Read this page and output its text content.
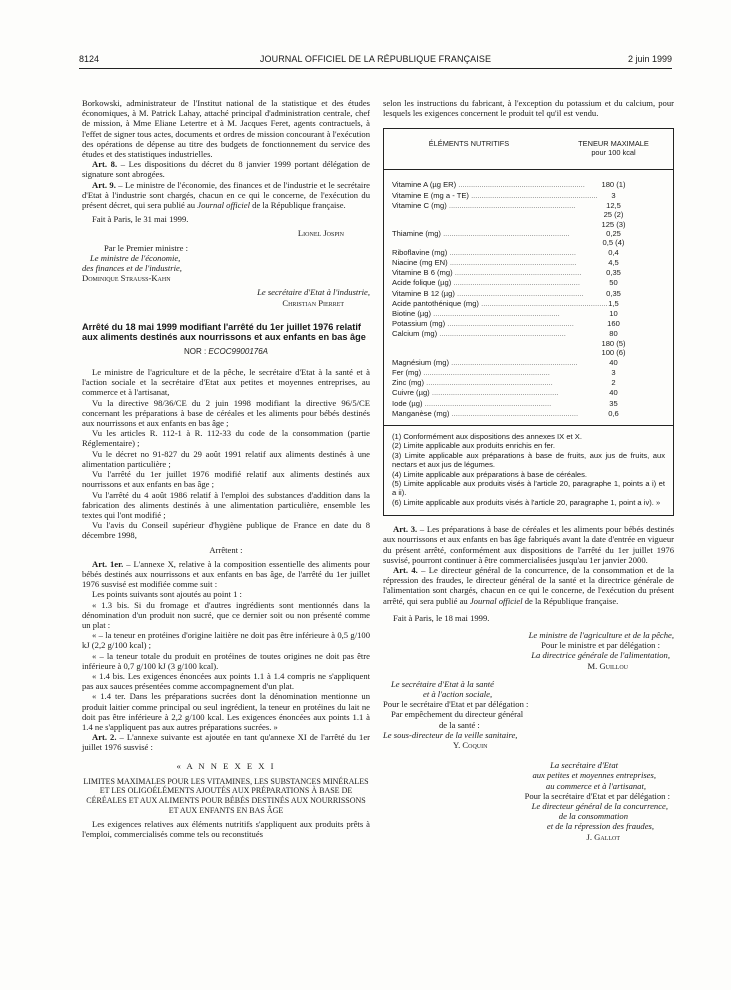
8124	JOURNAL OFFICIEL DE LA RÉPUBLIQUE FRANÇAISE	2 juin 1999

Borkowski, administrateur de l'Institut national de la statistique et des études économiques, à M. Patrick Lahay, attaché principal d'administration centrale, chef de mission, à Mme Eliane Letertre et à M. Jacques Feret, agents contractuels, à l'effet de signer tous actes, documents et ordres de mission concourant à l'exécution des opérations de dépense au titre des budgets de fonctionnement du service des études et des statistiques industrielles.

Art. 8. – Les dispositions du décret du 8 janvier 1999 portant délégation de signature sont abrogées.

Art. 9. – Le ministre de l'économie, des finances et de l'industrie et le secrétaire d'Etat à l'industrie sont chargés, chacun en ce qui le concerne, de l'exécution du présent décret, qui sera publié au Journal officiel de la République française.

Fait à Paris, le 31 mai 1999.

Lionel Jospin

Par le Premier ministre :

Le ministre de l'économie,

des finances et de l'industrie,

Dominique Strauss-Kahn

Le secrétaire d'Etat à l'industrie,

Christian Pierret

Arrêté du 18 mai 1999 modifiant l'arrêté du 1er juillet 1976 relatif aux aliments destinés aux nourrissons et aux enfants en bas âge

NOR : ECOC9900176A

Le ministre de l'agriculture et de la pêche, le secrétaire d'Etat à la santé et à l'action sociale et la secrétaire d'Etat aux petites et moyennes entreprises, au commerce et à l'artisanat,

Vu la directive 98/36/CE du 2 juin 1998 modifiant la directive 96/5/CE concernant les préparations à base de céréales et les aliments pour bébés destinés aux nourrissons et aux enfants en bas âge ;

Vu les articles R. 112-1 à R. 112-33 du code de la consommation (partie Réglementaire) ;

Vu le décret no 91-827 du 29 août 1991 relatif aux aliments destinés à une alimentation particulière ;

Vu l'arrêté du 1er juillet 1976 modifié relatif aux aliments destinés aux nourrissons et aux enfants en bas âge ;

Vu l'arrêté du 4 août 1986 relatif à l'emploi des substances d'addition dans la fabrication des aliments destinés à une alimentation particulière, ensemble les textes qui l'ont modifié ;

Vu l'avis du Conseil supérieur d'hygiène publique de France en date du 8 décembre 1998,

Arrêtent :

Art. 1er. – L'annexe X, relative à la composition essentielle des aliments pour bébés destinés aux nourrissons et aux enfants en bas âge, de l'arrêté du 1er juillet 1976 susvisé est modifiée comme suit :

Les points suivants sont ajoutés au point 1 :

« 1.3 bis. Si du fromage et d'autres ingrédients sont mentionnés dans la dénomination d'un produit non sucré, que ce dernier soit ou non présenté comme un plat :

« – la teneur en protéines d'origine laitière ne doit pas être inférieure à 0,5 g/100 kJ (2,2 g/100 kcal) ;

« – la teneur totale du produit en protéines de toutes origines ne doit pas être inférieure à 0,7 g/100 kJ (3 g/100 kcal).

« 1.4 bis. Les exigences énoncées aux points 1.1 à 1.4 compris ne s'appliquent pas aux sauces présentées comme accompagnement d'un plat.

« 1.4 ter. Dans les préparations sucrées dont la dénomination mentionne un produit laitier comme principal ou seul ingrédient, la teneur en protéines du lait ne doit pas être inférieure à 2,2 g/100 kcal. Les exigences énoncées aux points 1.1 à 1.4 ne s'appliquent pas aux autres préparations sucrées. »

Art. 2. – L'annexe suivante est ajoutée en tant qu'annexe XI de l'arrêté du 1er juillet 1976 susvisé :

« A N N E X E X I

LIMITES MAXIMALES POUR LES VITAMINES, LES SUBSTANCES MINÉRALES ET LES OLIGOÉLÉMENTS AJOUTÉS AUX PRÉPARATIONS À BASE DE CÉRÉALES ET AUX ALIMENTS POUR BÉBÉS DESTINÉS AUX NOURRISSONS ET AUX ENFANTS EN BAS ÂGE

Les exigences relatives aux éléments nutritifs s'appliquent aux produits prêts à l'emploi, commercialisés comme tels ou reconstitués

selon les instructions du fabricant, à l'exception du potassium et du calcium, pour lesquels les exigences concernent le produit tel qu'il est vendu.

ÉLÉMENTS NUTRITIFS	TENEUR MAXIMALE
pour 100 kcal
Vitamine A (µg ER) ............................................................	180 (1)
Vitamine E (mg a - TE) ............................................................	3
Vitamine C (mg) ............................................................	12,5
25 (2)
125 (3)
Thiamine (mg) ............................................................	0,25
0,5 (4)
Riboflavine (mg) ............................................................	0,4
Niacine (mg EN) ............................................................	4,5
Vitamine B 6 (mg) ............................................................	0,35
Acide folique (µg) ............................................................	50
Vitamine B 12 (µg) ............................................................	0,35
Acide pantothénique (mg) ............................................................ 1,5
Biotine (µg) ............................................................	10
Potassium (mg) ............................................................	160
Calcium (mg) ............................................................	80
180 (5)
100 (6)
Magnésium (mg) ............................................................	40
Fer (mg) ............................................................	3
Zinc (mg) ............................................................	2
Cuivre (µg) ............................................................	40
Iode (µg) ............................................................	35
Manganèse (mg) ............................................................	0,6

(1) Conformément aux dispositions des annexes IX et X.

(2) Limite applicable aux produits enrichis en fer.

(3) Limite applicable aux préparations à base de fruits, aux jus de fruits, aux nectars et aux jus de légumes.

(4) Limite applicable aux préparations à base de céréales.

(5) Limite applicable aux produits visés à l'article 20, paragraphe 1, points a i) et a ii).

(6) Limite applicable aux produits visés à l'article 20, paragraphe 1, point a iv). »

Art. 3. – Les préparations à base de céréales et les aliments pour bébés destinés aux nourrissons et aux enfants en bas âge fabriqués avant la date d'entrée en vigueur du présent arrêté, conformément aux dispositions de l'arrêté du 1er juillet 1976 susvisé, pourront continuer à être commercialisées jusqu'au 1er janvier 2000.

Art. 4. – Le directeur général de la concurrence, de la consommation et de la répression des fraudes, le directeur général de la santé et la directrice générale de l'alimentation sont chargés, chacun en ce qui le concerne, de l'exécution du présent arrêté, qui sera publié au Journal officiel de la République française.

Fait à Paris, le 18 mai 1999.

Le ministre de l'agriculture et de la pêche,

Pour le ministre et par délégation :

La directrice générale de l'alimentation,

M. Guillou

Le secrétaire d'Etat à la santé

et à l'action sociale,

Pour le secrétaire d'Etat et par délégation :

Par empêchement du directeur général

de la santé :

Le sous-directeur de la veille sanitaire,

Y. Coquin

La secrétaire d'Etat

aux petites et moyennes entreprises,

au commerce et à l'artisanat,

Pour la secrétaire d'Etat et par délégation :

Le directeur général de la concurrence,

de la consommation

et de la répression des fraudes,

J. Gallot
